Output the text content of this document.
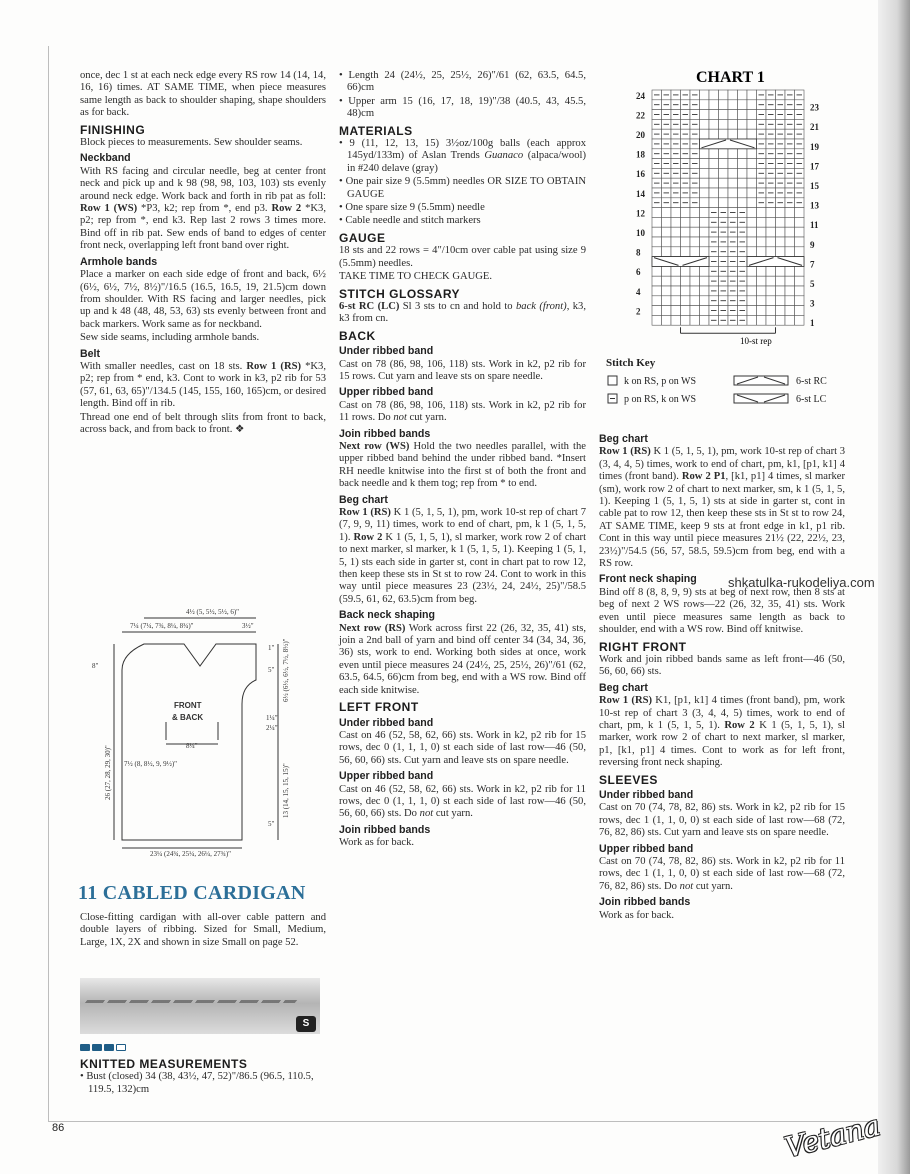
once, dec 1 st at each neck edge every RS row 14 (14, 14, 16, 16) times. AT SAME TIME, when piece measures same length as back to shoulder shaping, shape shoulders as for back.

FINISHING

Block pieces to measurements. Sew shoulder seams.

Neckband

With RS facing and circular needle, beg at center front neck and pick up and k 98 (98, 98, 103, 103) sts evenly around neck edge. Work back and forth in rib pat as foll: Row 1 (WS) *P3, k2; rep from *, end p3. Row 2 *K3, p2; rep from *, end k3. Rep last 2 rows 3 times more. Bind off in rib pat. Sew ends of band to edges of center front neck, overlapping left front band over right.

Armhole bands

Place a marker on each side edge of front and back, 6½ (6½, 6½, 7½, 8½)"/16.5 (16.5, 16.5, 19, 21.5)cm down from shoulder. With RS facing and larger needles, pick up and k 48 (48, 48, 53, 63) sts evenly between front and back markers. Work same as for neckband.

Sew side seams, including armhole bands.

Belt

With smaller needles, cast on 18 sts. Row 1 (RS) *K3, p2; rep from * end, k3. Cont to work in k3, p2 rib for 53 (57, 61, 63, 65)"/134.5 (145, 155, 160, 165)cm, or desired length. Bind off in rib.

Thread one end of belt through slits from front to back, across back, and from back to front. ❖

4½ (5, 5½, 5½, 6)"
7¼ (7¼, 7¾, 8¼, 8¾)"	3½"
1"
8"	5" 6½ (6½, 6½, 7½, 8½)"
FRONT
& BACK	1¼"
2¼"
8¼"
7½ (8, 8½, 9, 9½)"
26 (27, 28, 29, 30)"	13 (14, 15, 15, 15)"
5"
23¼ (24¾, 25¼, 26¼, 27¾)"
11 CABLED CARDIGAN
Close-fitting cardigan with all-over cable pattern and double layers of ribbing. Sized for Small, Medium, Large, 1X, 2X and shown in size Small on page 52.
S
KNITTED MEASUREMENTS

• Bust (closed) 34 (38, 43½, 47, 52)"/86.5 (96.5, 110.5, 119.5, 132)cm

• Length 24 (24½, 25, 25½, 26)"/61 (62, 63.5, 64.5, 66)cm

• Upper arm 15 (16, 17, 18, 19)"/38 (40.5, 43, 45.5, 48)cm

MATERIALS

• 9 (11, 12, 13, 15) 3½oz/100g balls (each approx 145yd/133m) of Aslan Trends Guanaco (alpaca/wool) in #240 delave (gray)

• One pair size 9 (5.5mm) needles OR SIZE TO OBTAIN GAUGE

• One spare size 9 (5.5mm) needle

• Cable needle and stitch markers

GAUGE

18 sts and 22 rows = 4"/10cm over cable pat using size 9 (5.5mm) needles.

TAKE TIME TO CHECK GAUGE.

STITCH GLOSSARY

6-st RC (LC) Sl 3 sts to cn and hold to back (front), k3, k3 from cn.

BACK
Under ribbed band

Cast on 78 (86, 98, 106, 118) sts. Work in k2, p2 rib for 15 rows. Cut yarn and leave sts on spare needle.

Upper ribbed band

Cast on 78 (86, 98, 106, 118) sts. Work in k2, p2 rib for 11 rows. Do not cut yarn.

Join ribbed bands

Next row (WS) Hold the two needles parallel, with the upper ribbed band behind the under ribbed band. *Insert RH needle knitwise into the first st of both the front and back needle and k them tog; rep from * to end.

Beg chart

Row 1 (RS) K 1 (5, 1, 5, 1), pm, work 10-st rep of chart 7 (7, 9, 9, 11) times, work to end of chart, pm, k 1 (5, 1, 5, 1). Row 2 K 1 (5, 1, 5, 1), sl marker, work row 2 of chart to next marker, sl marker, k 1 (5, 1, 5, 1). Keeping 1 (5, 1, 5, 1) sts each side in garter st, cont in chart pat to row 12, then keep these sts in St st to row 24. Cont to work in this way until piece measures 23 (23½, 24, 24½, 25)"/58.5 (59.5, 61, 62, 63.5)cm from beg.

Back neck shaping

Next row (RS) Work across first 22 (26, 32, 35, 41) sts, join a 2nd ball of yarn and bind off center 34 (34, 34, 36, 36) sts, work to end. Working both sides at once, work even until piece measures 24 (24½, 25, 25½, 26)"/61 (62, 63.5, 64.5, 66)cm from beg, end with a WS row. Bind off each side knitwise.

LEFT FRONT
Under ribbed band

Cast on 46 (52, 58, 62, 66) sts. Work in k2, p2 rib for 15 rows, dec 0 (1, 1, 1, 0) st each side of last row—46 (50, 56, 60, 66) sts. Cut yarn and leave sts on spare needle.

Upper ribbed band

Cast on 46 (52, 58, 62, 66) sts. Work in k2, p2 rib for 11 rows, dec 0 (1, 1, 1, 0) st each side of last row—46 (50, 56, 60, 66) sts. Do not cut yarn.

Join ribbed bands

Work as for back.

CHART 1
24
22
20
18
16
14
12
10
8
6
4
2
23
21
19
17
15
13
11
9
7
5
3
1
10-st rep
Stitch Key
k on RS, p on WS
p on RS, k on WS
6-st RC
6-st LC
Beg chart

Row 1 (RS) K 1 (5, 1, 5, 1), pm, work 10-st rep of chart 3 (3, 4, 4, 5) times, work to end of chart, pm, k1, [p1, k1] 4 times (front band). Row 2 P1, [k1, p1] 4 times, sl marker (sm), work row 2 of chart to next marker, sm, k 1 (5, 1, 5, 1). Keeping 1 (5, 1, 5, 1) sts at side in garter st, cont in cable pat to row 12, then keep these sts in St st to row 24, AT SAME TIME, keep 9 sts at front edge in k1, p1 rib. Cont in this way until piece measures 21½ (22, 22½, 23, 23½)"/54.5 (56, 57, 58.5, 59.5)cm from beg, end with a RS row.

Front neck shaping

Bind off 8 (8, 8, 9, 9) sts at beg of next row, then 8 sts at beg of next 2 WS rows—22 (26, 32, 35, 41) sts. Work even until piece measures same length as back to shoulder, end with a WS row. Bind off knitwise.

RIGHT FRONT

Work and join ribbed bands same as left front—46 (50, 56, 60, 66) sts.

Beg chart

Row 1 (RS) K1, [p1, k1] 4 times (front band), pm, work 10-st rep of chart 3 (3, 4, 4, 5) times, work to end of chart, pm, k 1 (5, 1, 5, 1). Row 2 K 1 (5, 1, 5, 1), sl marker, work row 2 of chart to next marker, sl marker, p1, [k1, p1] 4 times. Cont to work as for left front, reversing front neck shaping.

SLEEVES
Under ribbed band

Cast on 70 (74, 78, 82, 86) sts. Work in k2, p2 rib for 15 rows, dec 1 (1, 1, 0, 0) st each side of last row—68 (72, 76, 82, 86) sts. Cut yarn and leave sts on spare needle.

Upper ribbed band

Cast on 70 (74, 78, 82, 86) sts. Work in k2, p2 rib for 11 rows, dec 1 (1, 1, 0, 0) st each side of last row—68 (72, 76, 82, 86) sts. Do not cut yarn.

Join ribbed bands

Work as for back.

shkatulka-rukodeliya.com
86	Vetana
